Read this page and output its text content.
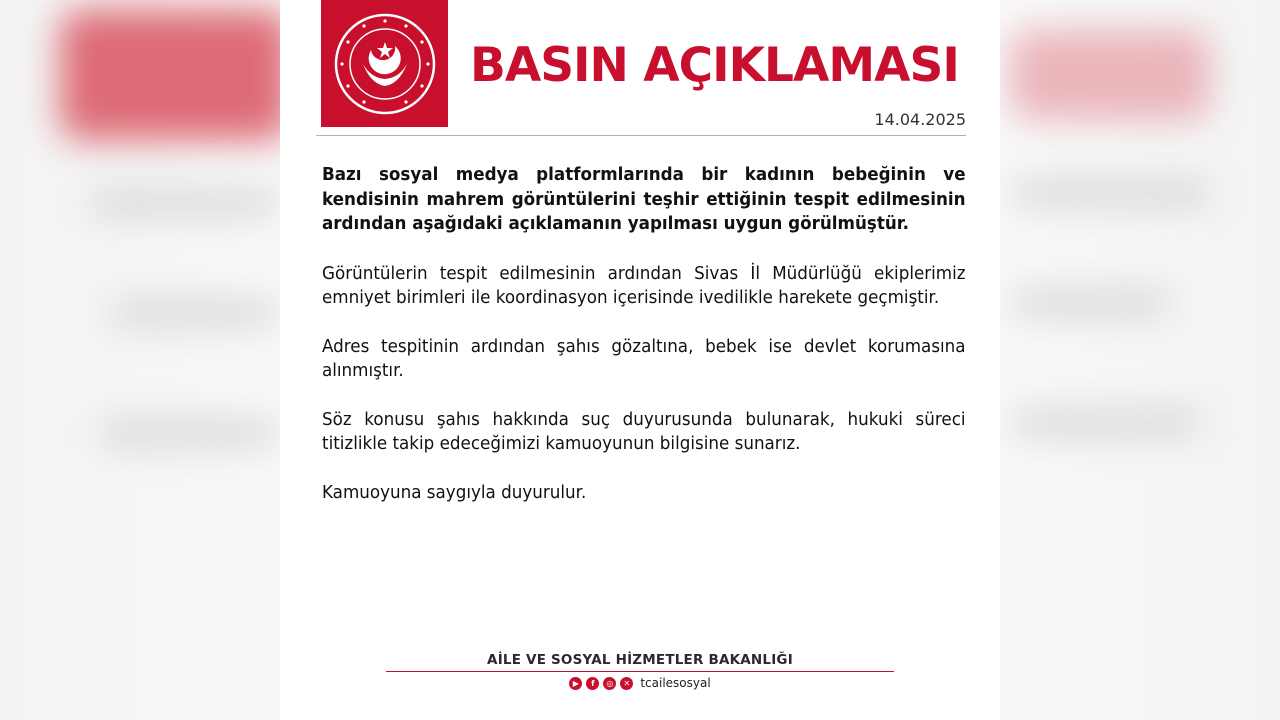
BASIN AÇIKLAMASI
14.04.2025

Bazı sosyal medya platformlarında bir kadının bebeğinin ve kendisinin mahrem görüntülerini teşhir ettiğinin tespit edilmesinin ardından aşağıdaki açıklamanın yapılması uygun görülmüştür.

Görüntülerin tespit edilmesinin ardından Sivas İl Müdürlüğü ekiplerimiz emniyet birimleri ile koordinasyon içerisinde ivedilikle harekete geçmiştir.

Adres tespitinin ardından şahıs gözaltına, bebek ise devlet korumasına alınmıştır.

Söz konusu şahıs hakkında suç duyurusunda bulunarak, hukuki süreci titizlikle takip edeceğimizi kamuoyunun bilgisine sunarız.

Kamuoyuna saygıyla duyurulur.

AİLE VE SOSYAL HİZMETLER BAKANLIĞI
▶	f	◎	✕ tcailesosyal
